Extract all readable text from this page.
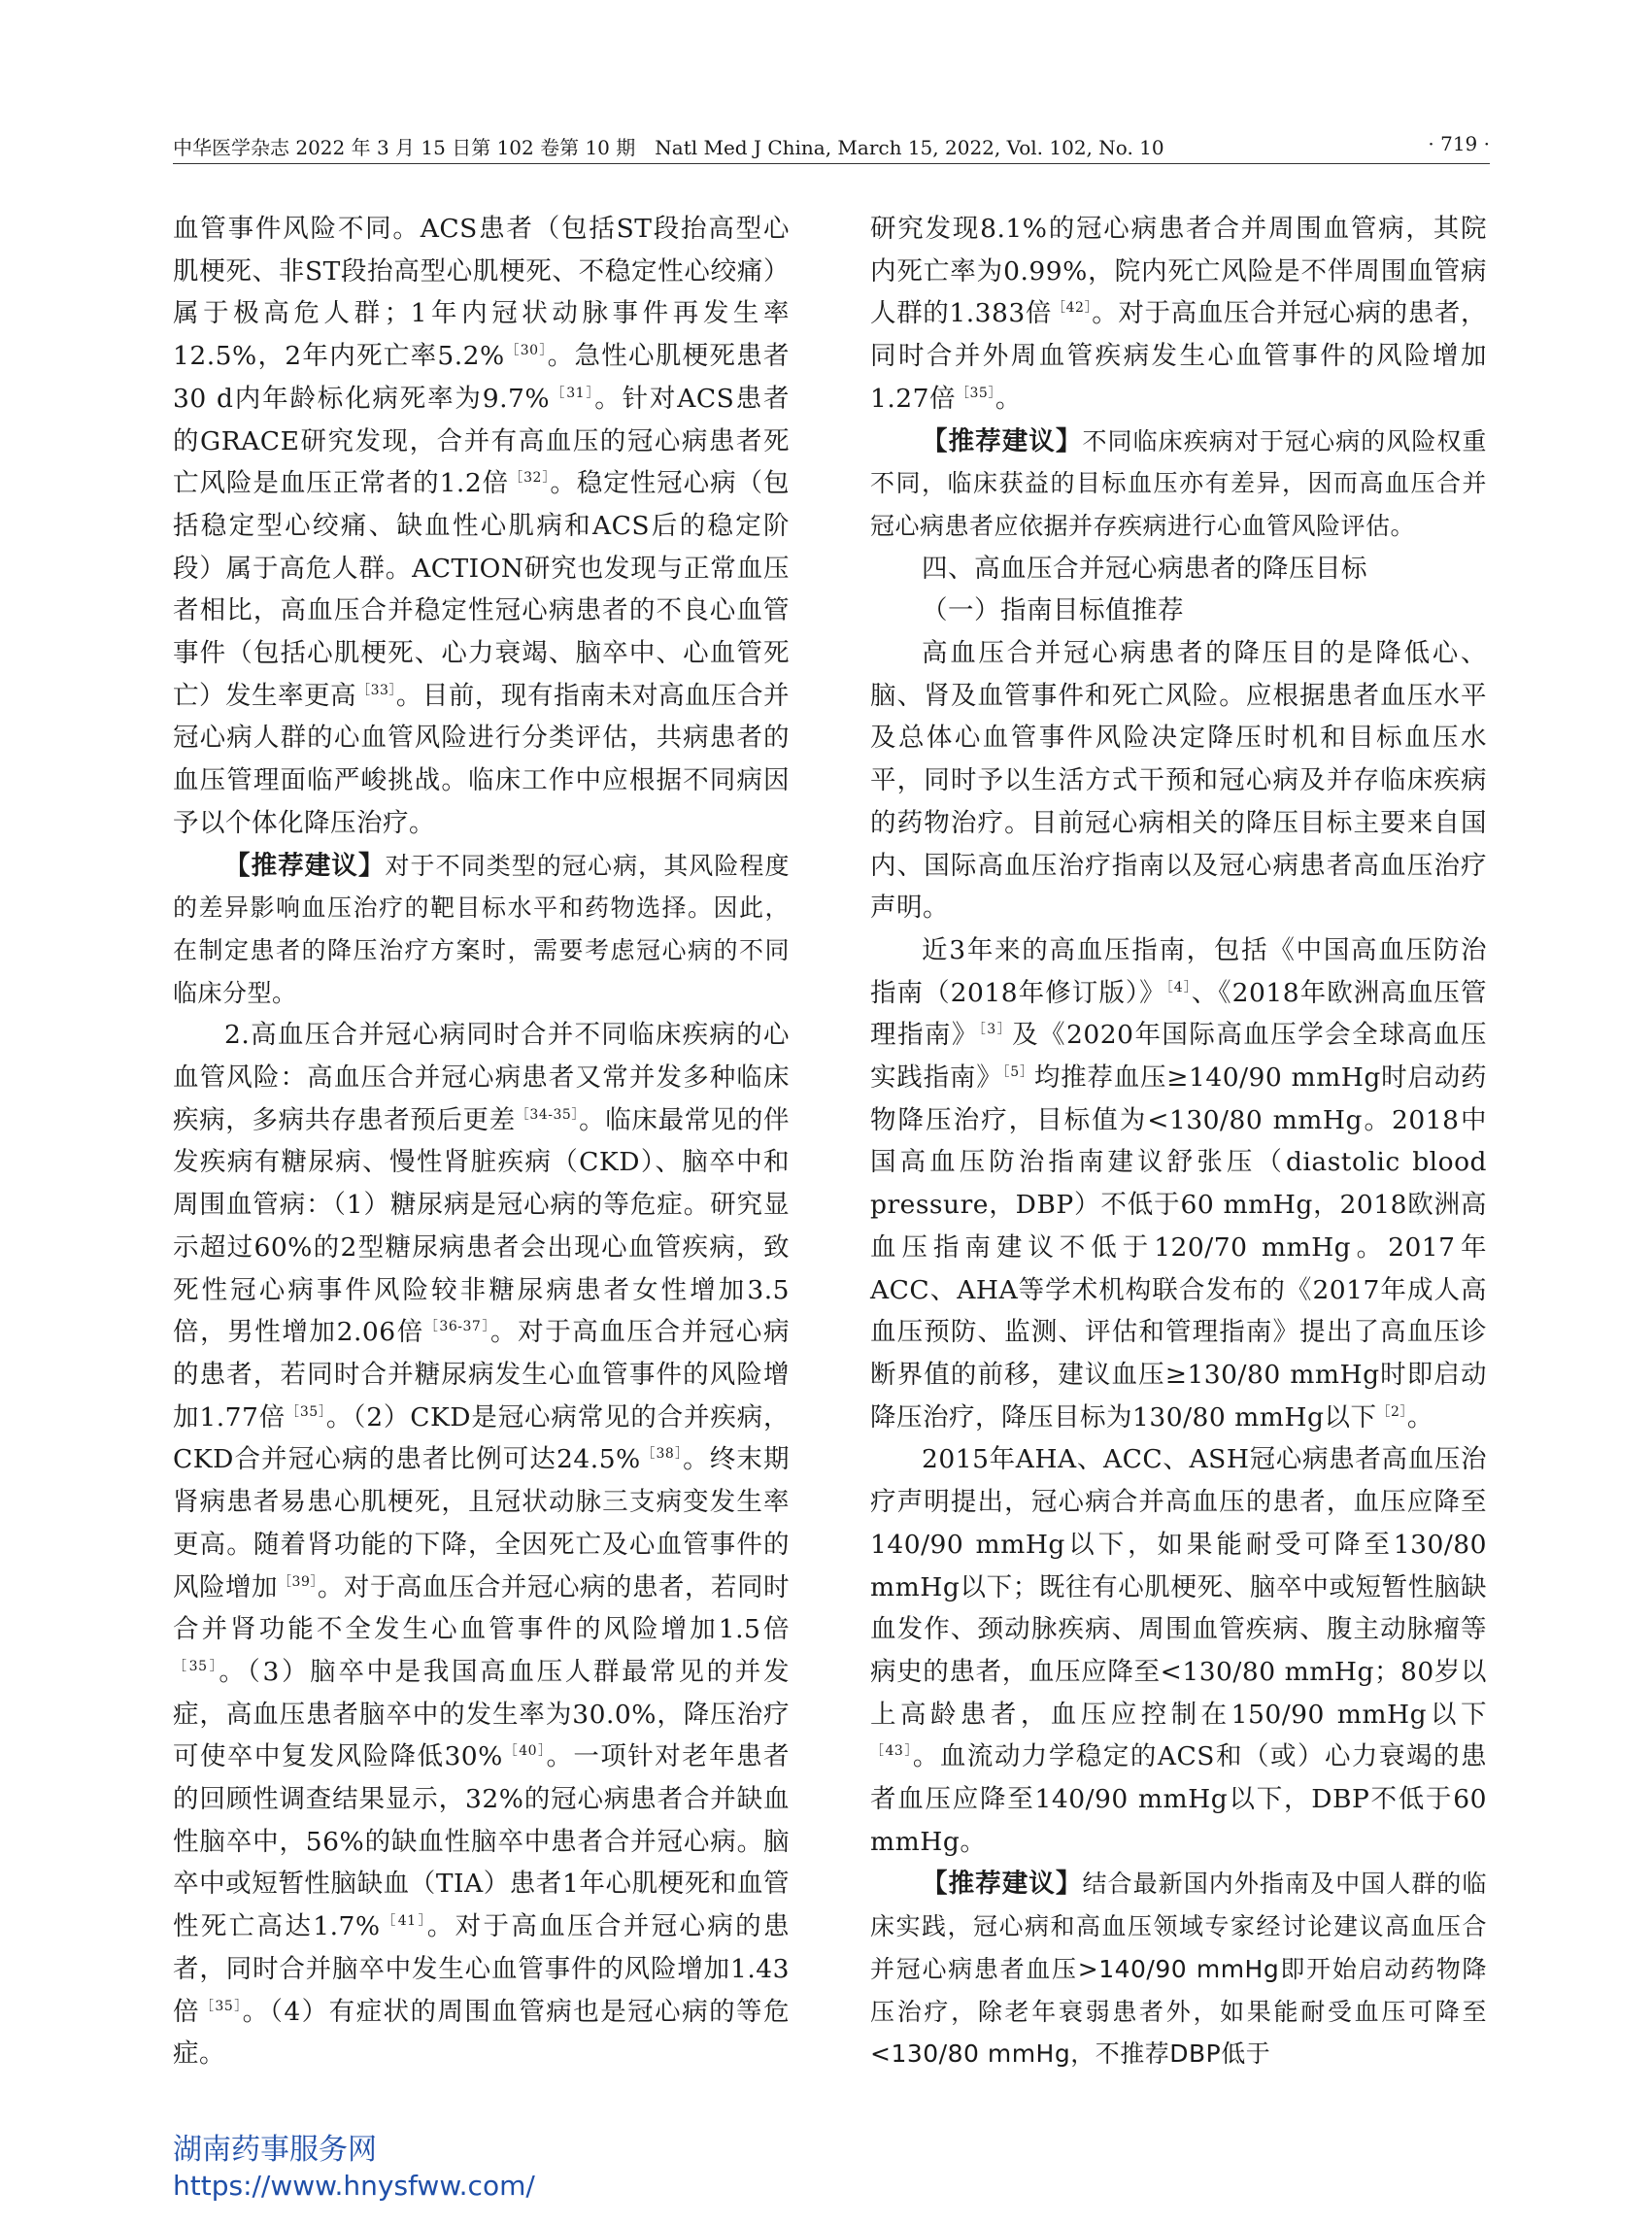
中华医学杂志 2022 年 3 月 15 日第 102 卷第 10 期　Natl Med J China, March 15, 2022, Vol. 102, No. 10	· 719 ·

血管事件风险不同。ACS患者（包括ST段抬高型心肌梗死、非ST段抬高型心肌梗死、不稳定性心绞痛）属于极高危人群；1年内冠状动脉事件再发生率12.5%，2年内死亡率5.2%$^{[30]}$。急性心肌梗死患者30 d内年龄标化病死率为9.7%$^{[31]}$。针对ACS患者的GRACE研究发现，合并有高血压的冠心病患者死亡风险是血压正常者的1.2倍$^{[32]}$。稳定性冠心病（包括稳定型心绞痛、缺血性心肌病和ACS后的稳定阶段）属于高危人群。ACTION研究也发现与正常血压者相比，高血压合并稳定性冠心病患者的不良心血管事件（包括心肌梗死、心力衰竭、脑卒中、心血管死亡）发生率更高$^{[33]}$。目前，现有指南未对高血压合并冠心病人群的心血管风险进行分类评估，共病患者的血压管理面临严峻挑战。临床工作中应根据不同病因予以个体化降压治疗。

【推荐建议】对于不同类型的冠心病，其风险程度的差异影响血压治疗的靶目标水平和药物选择。因此，在制定患者的降压治疗方案时，需要考虑冠心病的不同临床分型。

2.高血压合并冠心病同时合并不同临床疾病的心血管风险：高血压合并冠心病患者又常并发多种临床疾病，多病共存患者预后更差$^{[34-35]}$。临床最常见的伴发疾病有糖尿病、慢性肾脏疾病（CKD）、脑卒中和周围血管病：（1）糖尿病是冠心病的等危症。研究显示超过60%的2型糖尿病患者会出现心血管疾病，致死性冠心病事件风险较非糖尿病患者女性增加3.5倍，男性增加2.06倍$^{[36-37]}$。对于高血压合并冠心病的患者，若同时合并糖尿病发生心血管事件的风险增加1.77倍$^{[35]}$。（2）CKD是冠心病常见的合并疾病，CKD合并冠心病的患者比例可达24.5%$^{[38]}$。终末期肾病患者易患心肌梗死，且冠状动脉三支病变发生率更高。随着肾功能的下降，全因死亡及心血管事件的风险增加$^{[39]}$。对于高血压合并冠心病的患者，若同时合并肾功能不全发生心血管事件的风险增加1.5倍$^{[35]}$。（3）脑卒中是我国高血压人群最常见的并发症，高血压患者脑卒中的发生率为30.0%，降压治疗可使卒中复发风险降低30%$^{[40]}$。一项针对老年患者的回顾性调查结果显示，32%的冠心病患者合并缺血性脑卒中，56%的缺血性脑卒中患者合并冠心病。脑卒中或短暂性脑缺血（TIA）患者1年心肌梗死和血管性死亡高达1.7%$^{[41]}$。对于高血压合并冠心病的患者，同时合并脑卒中发生心血管事件的风险增加1.43倍$^{[35]}$。（4）有症状的周围血管病也是冠心病的等危症。

研究发现8.1%的冠心病患者合并周围血管病，其院内死亡率为0.99%，院内死亡风险是不伴周围血管病人群的1.383倍$^{[42]}$。对于高血压合并冠心病的患者，同时合并外周血管疾病发生心血管事件的风险增加1.27倍$^{[35]}$。

【推荐建议】不同临床疾病对于冠心病的风险权重不同，临床获益的目标血压亦有差异，因而高血压合并冠心病患者应依据并存疾病进行心血管风险评估。

四、高血压合并冠心病患者的降压目标

（一）指南目标值推荐

高血压合并冠心病患者的降压目的是降低心、脑、肾及血管事件和死亡风险。应根据患者血压水平及总体心血管事件风险决定降压时机和目标血压水平，同时予以生活方式干预和冠心病及并存临床疾病的药物治疗。目前冠心病相关的降压目标主要来自国内、国际高血压治疗指南以及冠心病患者高血压治疗声明。

近3年来的高血压指南，包括《中国高血压防治指南（2018年修订版）》$^{[4]}$、《2018年欧洲高血压管理指南》$^{[3]}$及《2020年国际高血压学会全球高血压实践指南》$^{[5]}$均推荐血压≥140/90 mmHg时启动药物降压治疗，目标值为<130/80 mmHg。2018中国高血压防治指南建议舒张压（diastolic blood pressure，DBP）不低于60 mmHg，2018欧洲高血压指南建议不低于120/70 mmHg。2017年ACC、AHA等学术机构联合发布的《2017年成人高血压预防、监测、评估和管理指南》提出了高血压诊断界值的前移，建议血压≥130/80 mmHg时即启动降压治疗，降压目标为130/80 mmHg以下$^{[2]}$。

2015年AHA、ACC、ASH冠心病患者高血压治疗声明提出，冠心病合并高血压的患者，血压应降至140/90 mmHg以下，如果能耐受可降至130/80 mmHg以下；既往有心肌梗死、脑卒中或短暂性脑缺血发作、颈动脉疾病、周围血管疾病、腹主动脉瘤等病史的患者，血压应降至<130/80 mmHg；80岁以上高龄患者，血压应控制在150/90 mmHg以下$^{[43]}$。血流动力学稳定的ACS和（或）心力衰竭的患者血压应降至140/90 mmHg以下，DBP不低于60 mmHg。

【推荐建议】结合最新国内外指南及中国人群的临床实践，冠心病和高血压领域专家经讨论建议高血压合并冠心病患者血压>140/90 mmHg即开始启动药物降压治疗，除老年衰弱患者外，如果能耐受血压可降至<130/80 mmHg，不推荐DBP低于

湖南药事服务网
https://www.hnysfww.com/
